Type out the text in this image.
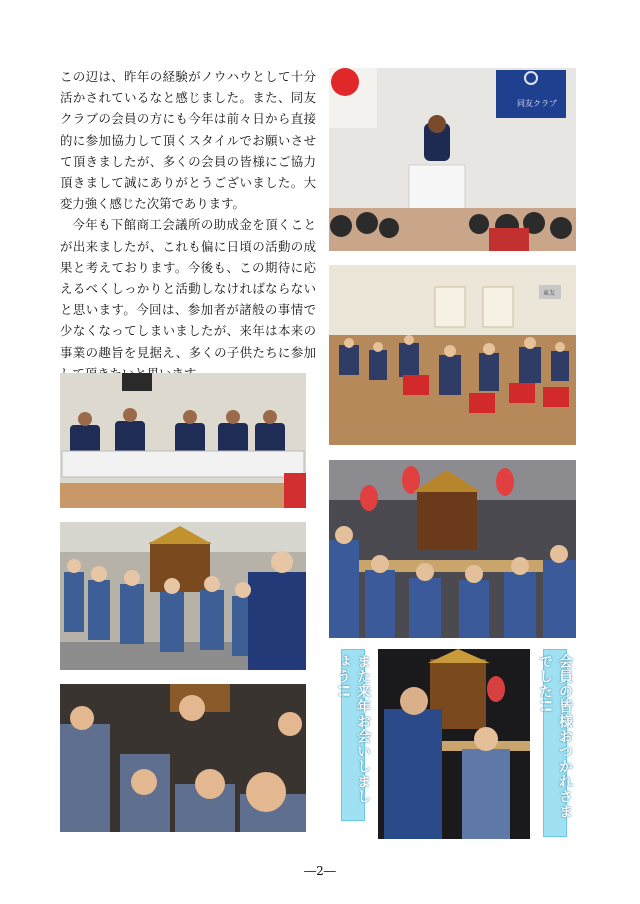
この辺は、昨年の経験がノウハウとして十分活かされているなと感じました。また、同友クラブの会員の方にも今年は前々日から直接的に参加協力して頂くスタイルでお願いさせて頂きましたが、多くの会員の皆様にご協力頂きまして誠にありがとうございました。大変力強く感じた次第であります。

今年も下館商工会議所の助成金を頂くことが出来ましたが、これも偏に日頃の活動の成果と考えております。今後も、この期待に応えるべくしっかりと活動しなければならないと思います。今回は、参加者が諸般の事情で少なくなってしまいましたが、来年は本来の事業の趣旨を見据え、多くの子供たちに参加

同友クラブ
東友
また来年お会いしましょう!!	会員の皆様おつかれさまでした!!
―2―
